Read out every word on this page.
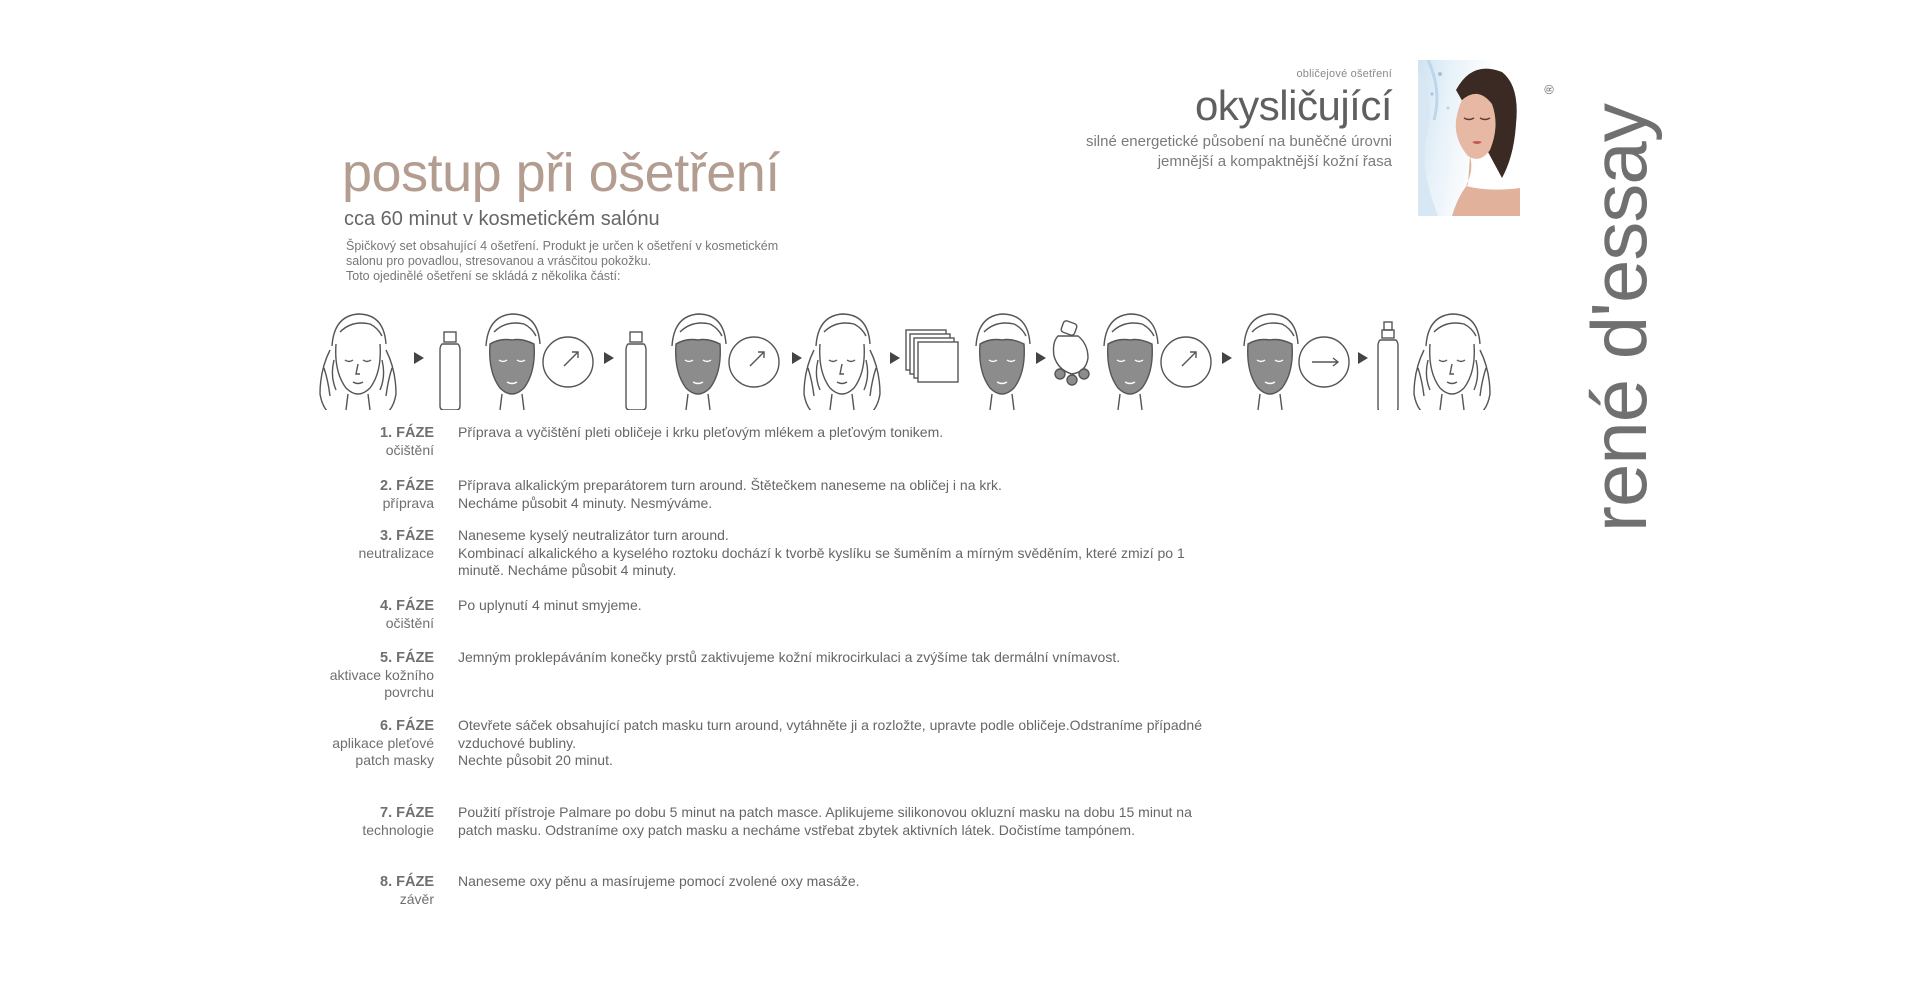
obličejové ošetření
okysličující
silné energetické působení na buněčné úrovni
jemnější a kompaktnější kožní řasa rené d'essay
®
postup při ošetření
cca 60 minut v kosmetickém salónu
Špičkový set obsahující 4 ošetření. Produkt je určen k ošetření v kosmetickém
salonu pro povadlou, stresovanou a vrásčitou pokožku.
Toto ojedinělé ošetření se skládá z několika částí:
1. FÁZE
očištění
Příprava a vyčištění pleti obličeje i krku pleťovým mlékem a pleťovým tonikem.
2. FÁZE
příprava
Příprava alkalickým preparátorem turn around. Štětečkem naneseme na obličej i na krk.
Necháme působit 4 minuty. Nesmýváme.
3. FÁZE
neutralizace
Naneseme kyselý neutralizátor turn around.
Kombinací alkalického a kyselého roztoku dochází k tvorbě kyslíku se šuměním a mírným svěděním, které zmizí po 1
minutě. Necháme působit 4 minuty.
4. FÁZE
očištění
Po uplynutí 4 minut smyjeme.
5. FÁZE
aktivace kožního
povrchu
Jemným proklepáváním konečky prstů zaktivujeme kožní mikrocirkulaci a zvýšíme tak dermální vnímavost.
6. FÁZE
aplikace pleťové
patch masky
Otevřete sáček obsahující patch masku turn around, vytáhněte ji a rozložte, upravte podle obličeje.Odstraníme případné
vzduchové bubliny.
Nechte působit 20 minut.
7. FÁZE
technologie
Použití přístroje Palmare po dobu 5 minut na patch masce. Aplikujeme silikonovou okluzní masku na dobu 15 minut na
patch masku. Odstraníme oxy patch masku a necháme vstřebat zbytek aktivních látek. Dočistíme tampónem.
8. FÁZE
závěr
Naneseme oxy pěnu a masírujeme pomocí zvolené oxy masáže.
